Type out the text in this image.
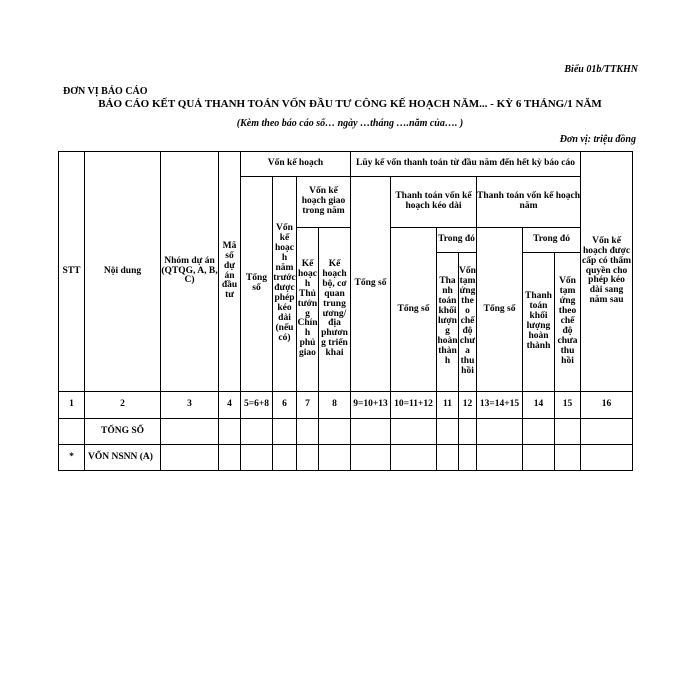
Biểu 01b/TTKHN
ĐƠN VỊ BÁO CÁO
BÁO CÁO KẾT QUẢ THANH TOÁN VỐN ĐẦU TƯ CÔNG KẾ HOẠCH NĂM... - KỲ 6 THÁNG/1 NĂM
(Kèm theo báo cáo số… ngày …tháng ….năm của…. )
Đơn vị: triệu đồng
STT	Nội dung	Nhóm dự án (QTQG, A, B, C)	Mã số dự án đầu tư	Vốn kế hoạch				Lũy kế vốn thanh toán từ đầu năm đến hết kỳ báo cáo							Vốn kế hoạch được cấp có thẩm quyền cho phép kéo dài sang năm sau
				Tổng số	Vốn kế hoạch năm trước được phép kéo dài (nếu có)	Vốn kế hoạch giao trong năm		Tổng số	Thanh toán vốn kế hoạch kéo dài			Thanh toán vốn kế hoạch năm			
						Kế hoạch Thủ tướng Chính phủ giao	Kế hoạch bộ, cơ quan trung ương/địa phương triển khai		Tổng số	Trong đó		Tổng số	Trong đó		
										Thanh toán khối lượng hoàn thành	Vốn tạm ứng theo chế độ chưa thu hồi		Thanh toán khối lượng hoàn thành	Vốn tạm ứng theo chế độ chưa thu hồi	
1	2	3	4	5=6+8	6	7	8	9=10+13	10=11+12	11	12	13=14+15	14	15	16
	TỔNG SỐ														
*	VỐN NSNN (A)														
